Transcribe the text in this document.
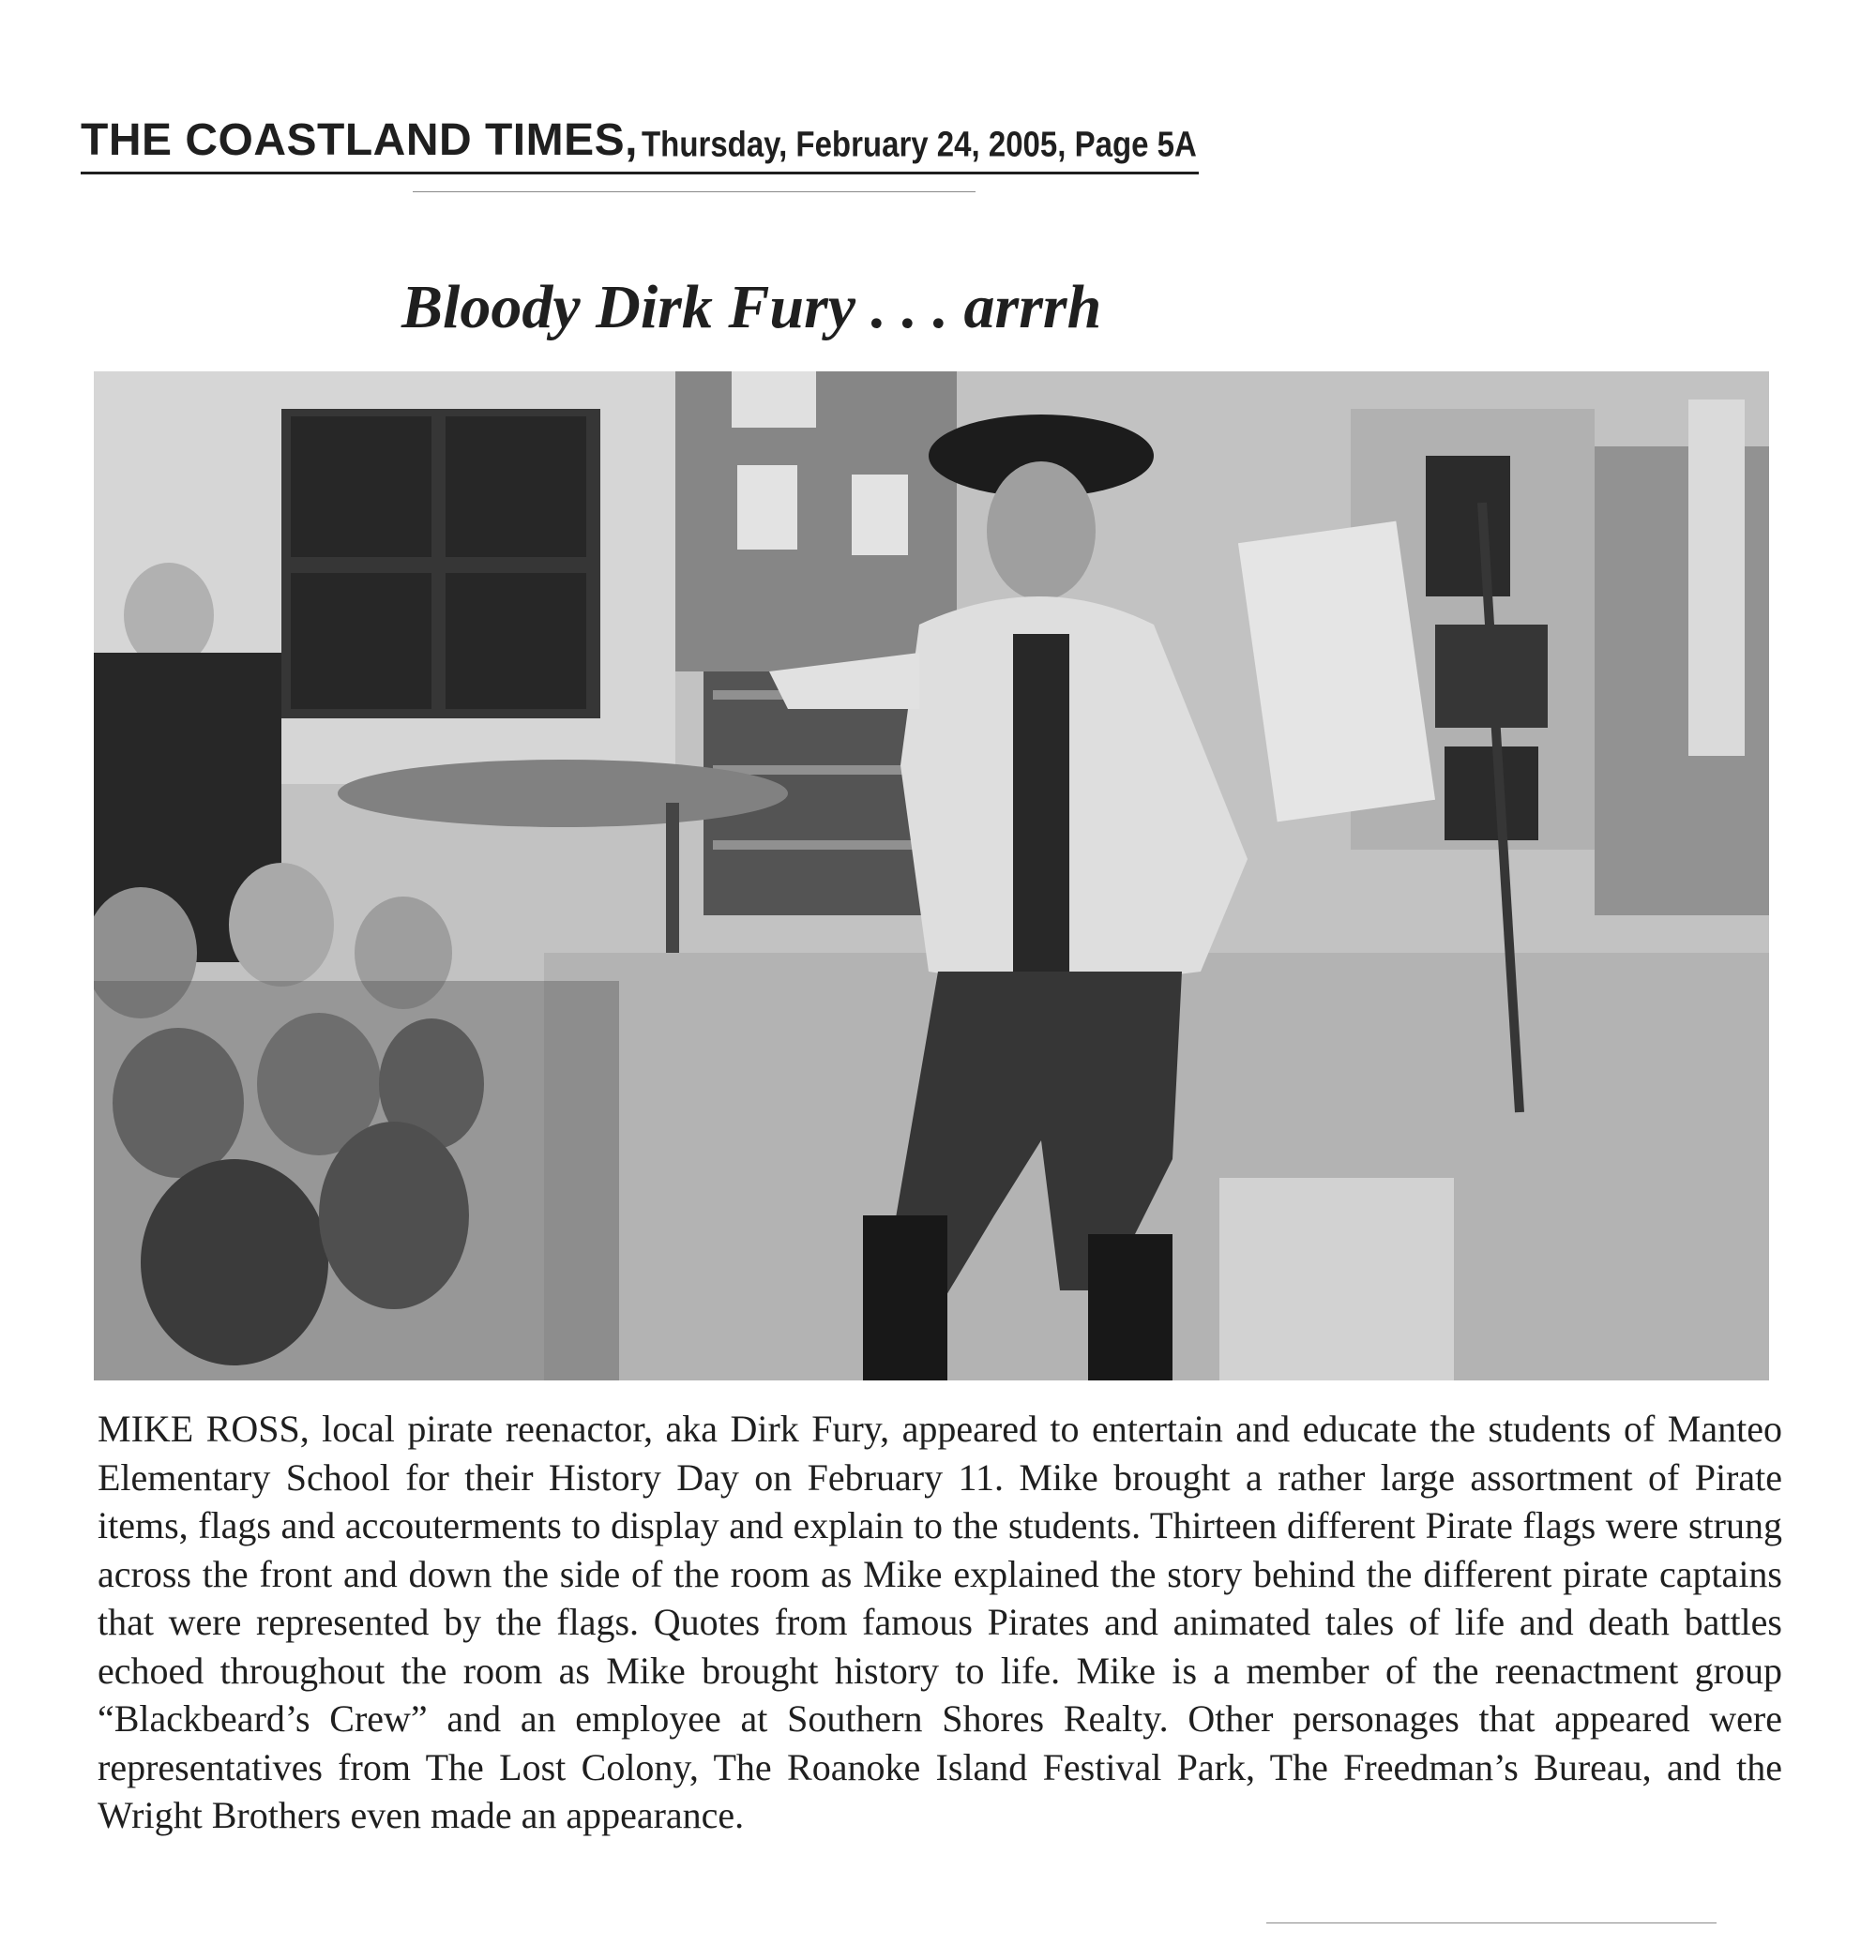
THE COASTLAND TIMES, Thursday, February 24, 2005, Page 5A
Bloody Dirk Fury . . . arrrh
MIKE ROSS, local pirate reenactor, aka Dirk Fury, appeared to entertain and educate the students of Manteo Elementary School for their History Day on February 11. Mike brought a rather large assortment of Pirate items, flags and accouterments to display and explain to the students. Thirteen different Pirate flags were strung across the front and down the side of the room as Mike explained the story behind the different pirate captains that were represented by the flags. Quotes from famous Pirates and animated tales of life and death battles echoed throughout the room as Mike brought history to life. Mike is a member of the reenactment group “Blackbeard’s Crew” and an employee at Southern Shores Realty. Other personages that appeared were representatives from The Lost Colony, The Roanoke Island Festival Park, The Freedman’s Bureau, and the Wright Brothers even made an appearance.
